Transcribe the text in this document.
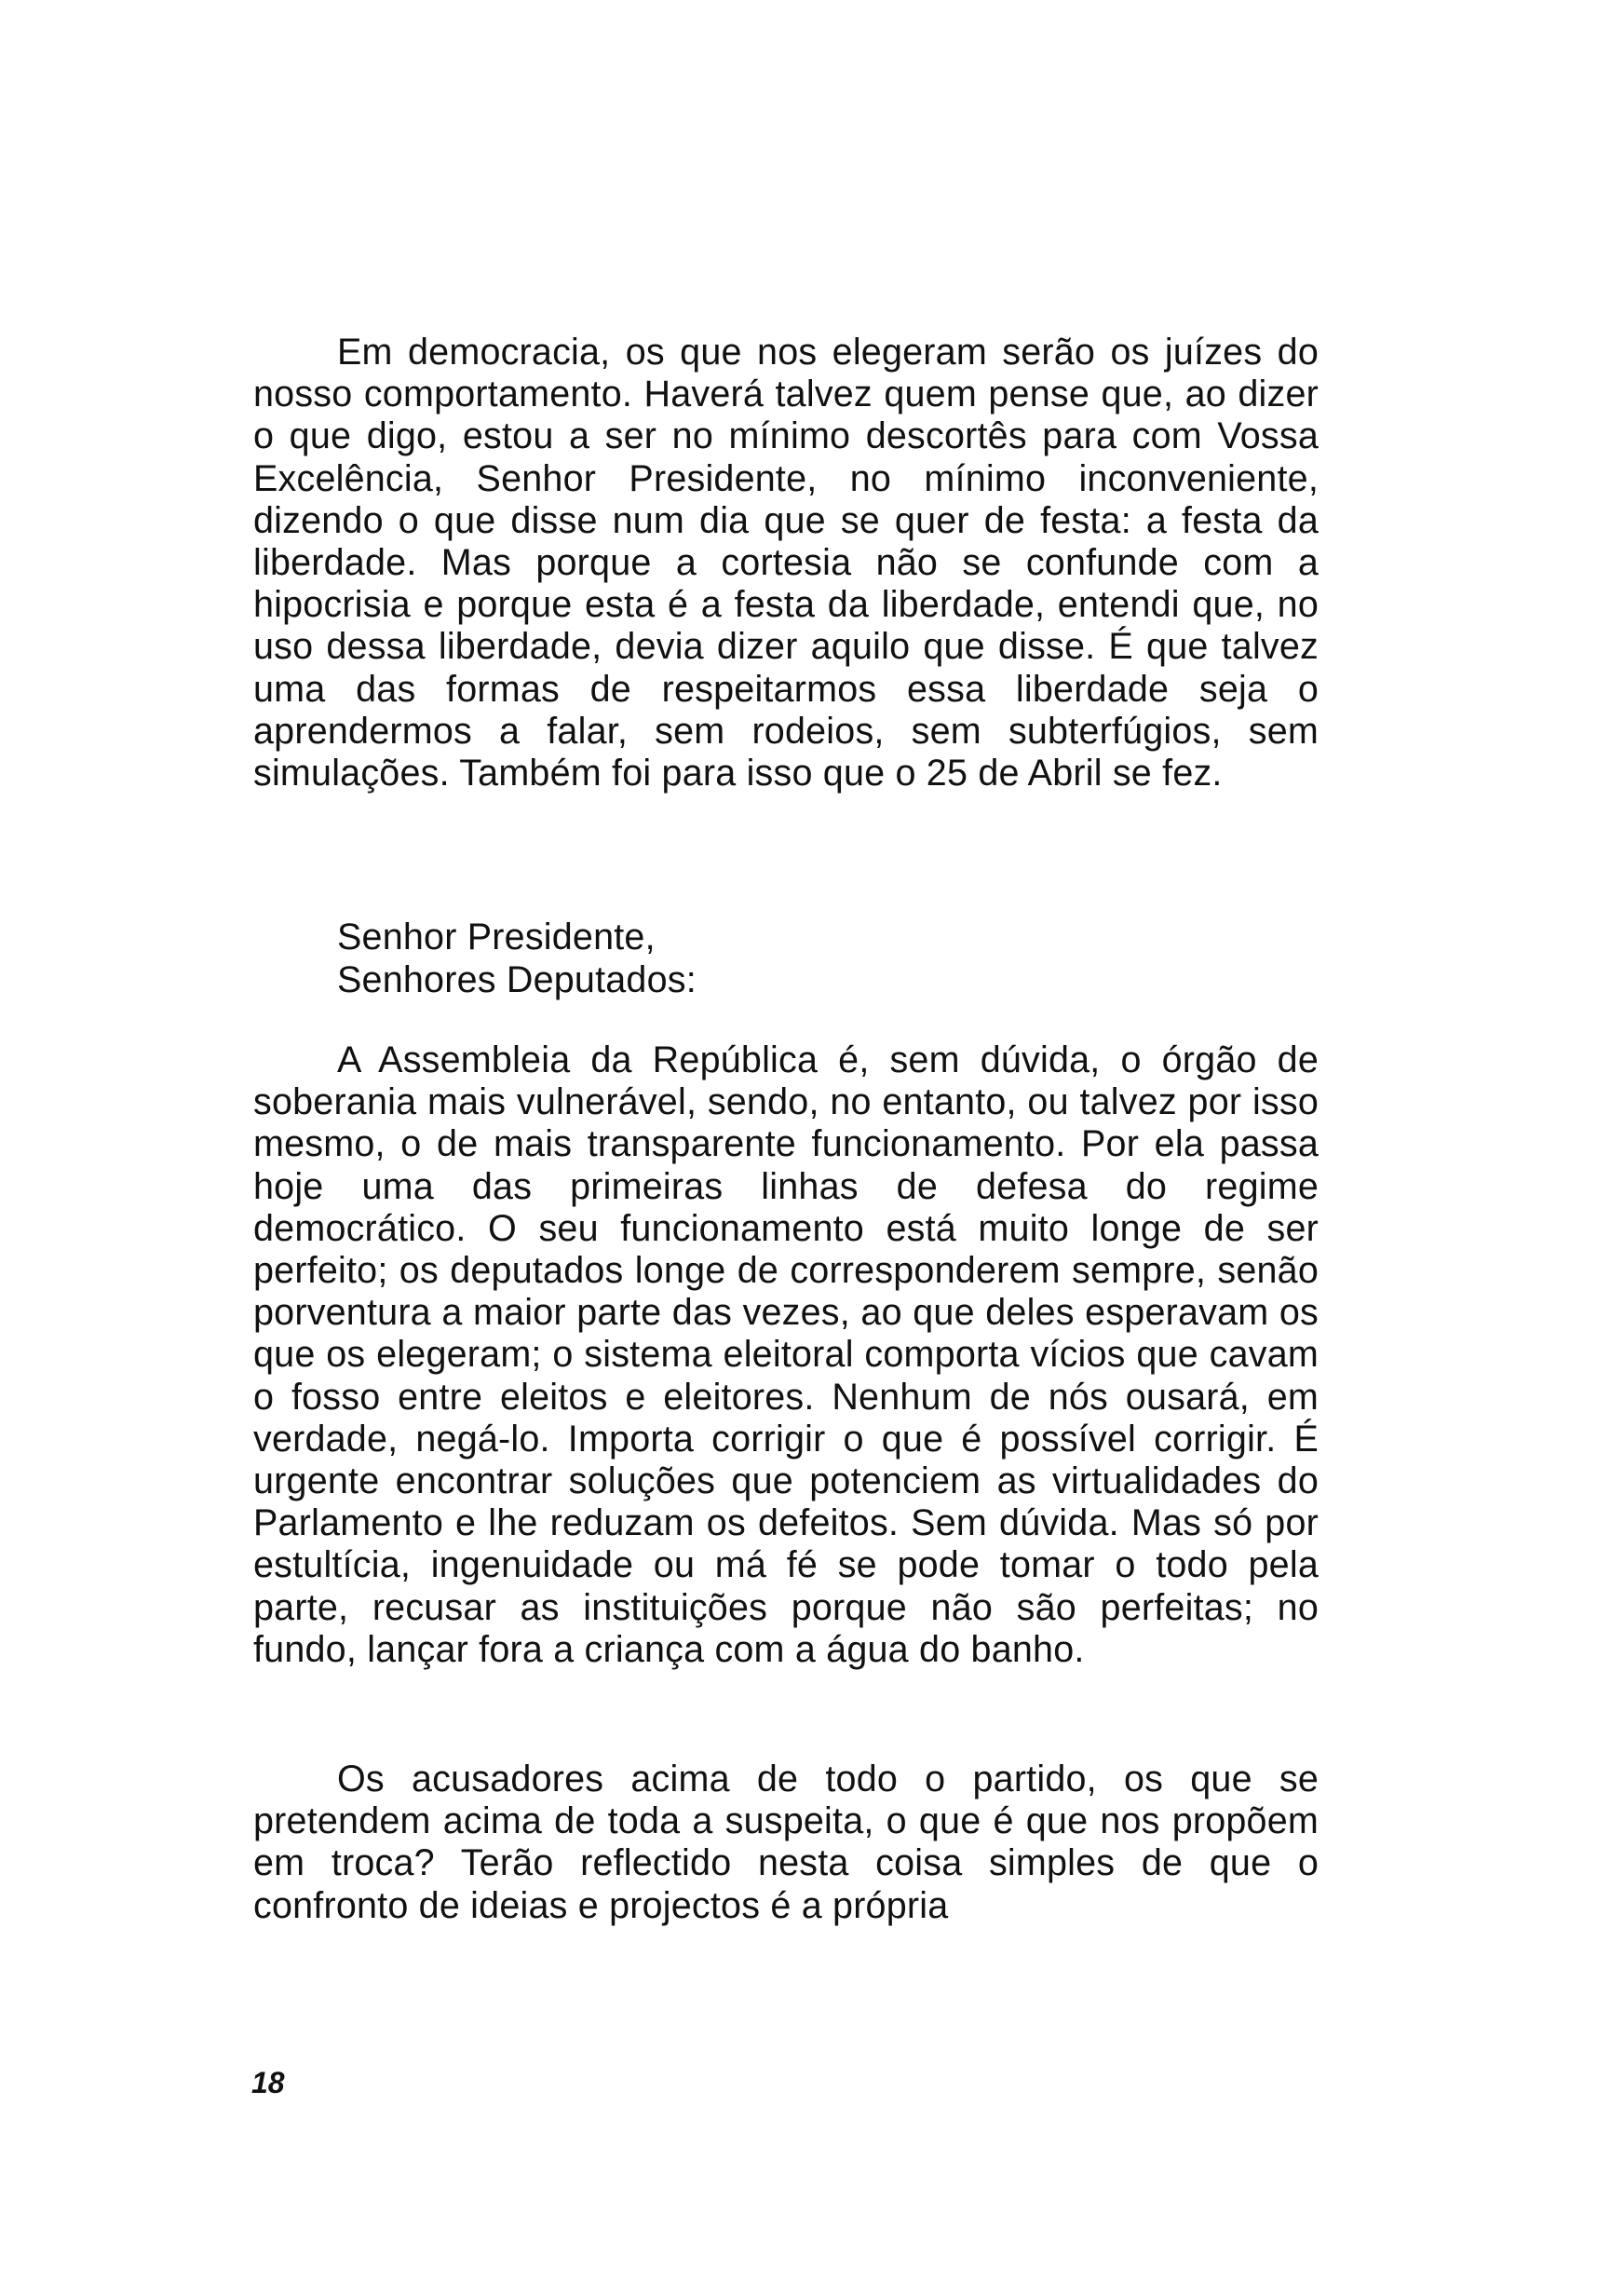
Em democracia, os que nos elegeram serão os juízes do nosso comportamento. Haverá talvez quem pense que, ao dizer o que digo, estou a ser no mínimo descortês para com Vossa Excelência, Senhor Presidente, no mínimo inconveniente, dizendo o que disse num dia que se quer de festa: a festa da liberdade. Mas porque a cortesia não se confunde com a hipocrisia e porque esta é a festa da liberdade, entendi que, no uso dessa liberdade, devia dizer aquilo que disse. É que talvez uma das formas de respeitarmos essa liberdade seja o aprendermos a falar, sem rodeios, sem subterfúgios, sem simulações. Também foi para isso que o 25 de Abril se fez.

Senhor Presidente,
Senhores Deputados:

A Assembleia da República é, sem dúvida, o órgão de soberania mais vulnerável, sendo, no entanto, ou talvez por isso mesmo, o de mais transparente funcionamento. Por ela passa hoje uma das primeiras linhas de defesa do regime democrático. O seu funcionamento está muito longe de ser perfeito; os deputados longe de corresponderem sempre, senão porventura a maior parte das vezes, ao que deles esperavam os que os elegeram; o sistema eleitoral comporta vícios que cavam o fosso entre eleitos e eleitores. Nenhum de nós ousará, em verdade, negá-lo. Importa corrigir o que é possível corrigir. É urgente encontrar soluções que potenciem as virtualidades do Parlamento e lhe reduzam os defeitos. Sem dúvida. Mas só por estultícia, ingenuidade ou má fé se pode tomar o todo pela parte, recusar as instituições porque não são perfeitas; no fundo, lançar fora a criança com a água do banho.

Os acusadores acima de todo o partido, os que se pretendem acima de toda a suspeita, o que é que nos propõem em troca? Terão reflectido nesta coisa simples de que o confronto de ideias e projectos é a própria

18
